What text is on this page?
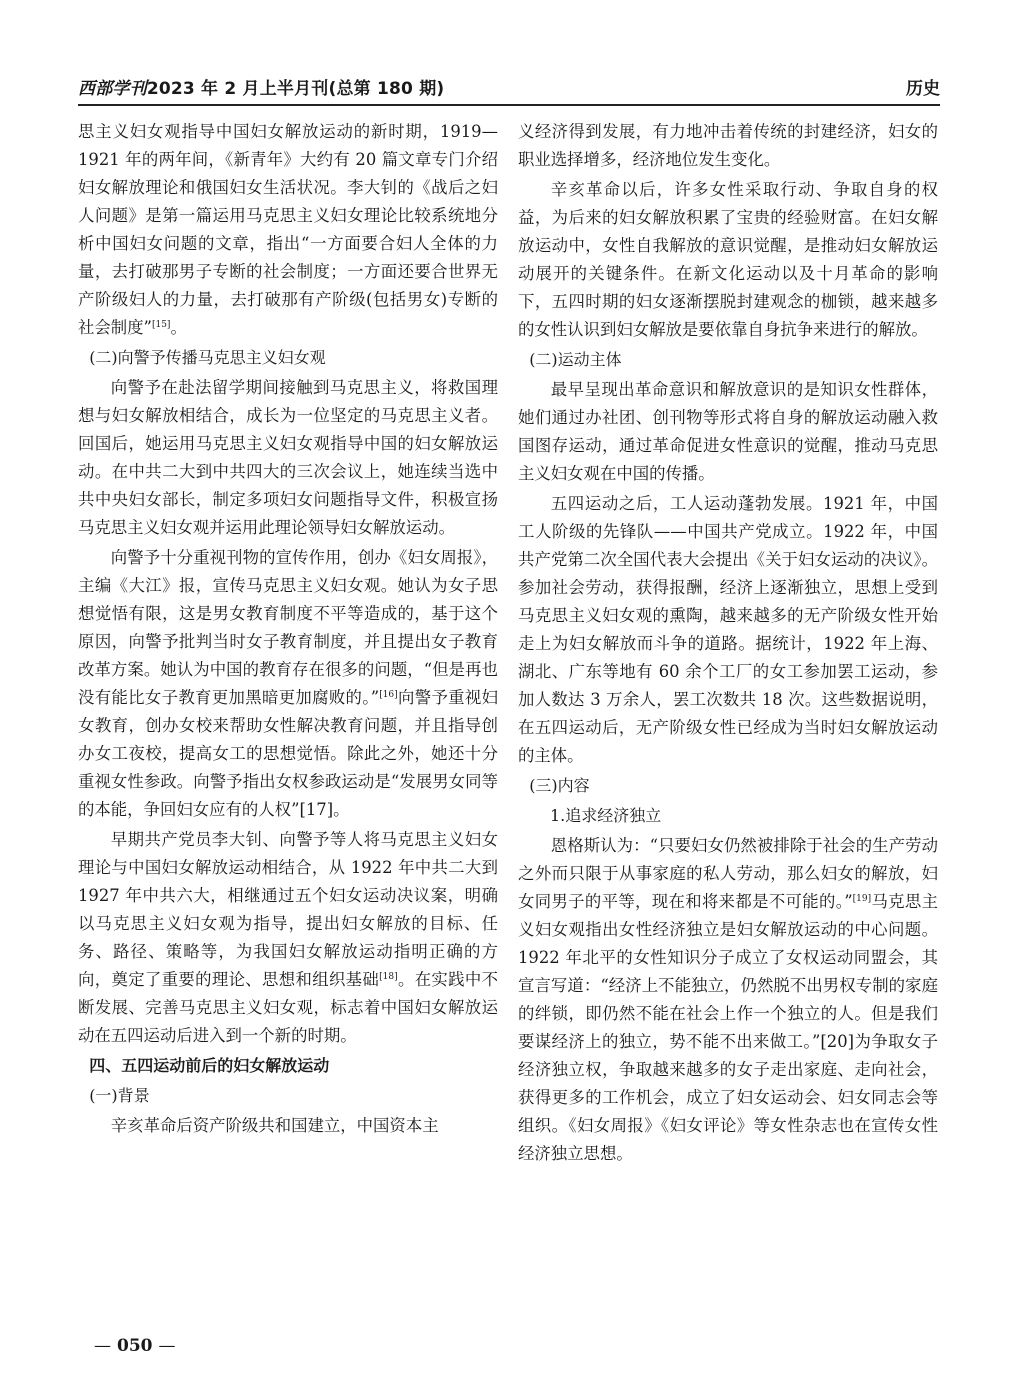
西部学刊2023 年 2 月上半月刊(总第 180 期)	历史

思主义妇女观指导中国妇女解放运动的新时期，1919—1921 年的两年间，《新青年》大约有 20 篇文章专门介绍妇女解放理论和俄国妇女生活状况。李大钊的《战后之妇人问题》是第一篇运用马克思主义妇女理论比较系统地分析中国妇女问题的文章，指出“一方面要合妇人全体的力量，去打破那男子专断的社会制度；一方面还要合世界无产阶级妇人的力量，去打破那有产阶级(包括男女)专断的社会制度”[15]。

(二)向警予传播马克思主义妇女观

向警予在赴法留学期间接触到马克思主义，将救国理想与妇女解放相结合，成长为一位坚定的马克思主义者。回国后，她运用马克思主义妇女观指导中国的妇女解放运动。在中共二大到中共四大的三次会议上，她连续当选中共中央妇女部长，制定多项妇女问题指导文件，积极宣扬马克思主义妇女观并运用此理论领导妇女解放运动。

向警予十分重视刊物的宣传作用，创办《妇女周报》，主编《大江》报，宣传马克思主义妇女观。她认为女子思想觉悟有限，这是男女教育制度不平等造成的，基于这个原因，向警予批判当时女子教育制度，并且提出女子教育改革方案。她认为中国的教育存在很多的问题，“但是再也没有能比女子教育更加黑暗更加腐败的。”[16]向警予重视妇女教育，创办女校来帮助女性解决教育问题，并且指导创办女工夜校，提高女工的思想觉悟。除此之外，她还十分重视女性参政。向警予指出女权参政运动是“发展男女同等的本能，争回妇女应有的人权”[17]。

早期共产党员李大钊、向警予等人将马克思主义妇女理论与中国妇女解放运动相结合，从 1922 年中共二大到 1927 年中共六大，相继通过五个妇女运动决议案，明确以马克思主义妇女观为指导，提出妇女解放的目标、任务、路径、策略等，为我国妇女解放运动指明正确的方向，奠定了重要的理论、思想和组织基础[18]。在实践中不断发展、完善马克思主义妇女观，标志着中国妇女解放运动在五四运动后进入到一个新的时期。

四、五四运动前后的妇女解放运动
(一)背景

辛亥革命后资产阶级共和国建立，中国资本主

义经济得到发展，有力地冲击着传统的封建经济，妇女的职业选择增多，经济地位发生变化。

辛亥革命以后，许多女性采取行动、争取自身的权益，为后来的妇女解放积累了宝贵的经验财富。在妇女解放运动中，女性自我解放的意识觉醒，是推动妇女解放运动展开的关键条件。在新文化运动以及十月革命的影响下，五四时期的妇女逐渐摆脱封建观念的枷锁，越来越多的女性认识到妇女解放是要依靠自身抗争来进行的解放。

(二)运动主体

最早呈现出革命意识和解放意识的是知识女性群体，她们通过办社团、创刊物等形式将自身的解放运动融入救国图存运动，通过革命促进女性意识的觉醒，推动马克思主义妇女观在中国的传播。

五四运动之后，工人运动蓬勃发展。1921 年，中国工人阶级的先锋队——中国共产党成立。1922 年，中国共产党第二次全国代表大会提出《关于妇女运动的决议》。参加社会劳动，获得报酬，经济上逐渐独立，思想上受到马克思主义妇女观的熏陶，越来越多的无产阶级女性开始走上为妇女解放而斗争的道路。据统计，1922 年上海、湖北、广东等地有 60 余个工厂的女工参加罢工运动，参加人数达 3 万余人，罢工次数共 18 次。这些数据说明，在五四运动后，无产阶级女性已经成为当时妇女解放运动的主体。

(三)内容
1.追求经济独立

恩格斯认为：“只要妇女仍然被排除于社会的生产劳动之外而只限于从事家庭的私人劳动，那么妇女的解放，妇女同男子的平等，现在和将来都是不可能的。”[19]马克思主义妇女观指出女性经济独立是妇女解放运动的中心问题。1922 年北平的女性知识分子成立了女权运动同盟会，其宣言写道：“经济上不能独立，仍然脱不出男权专制的家庭的绊锁，即仍然不能在社会上作一个独立的人。但是我们要谋经济上的独立，势不能不出来做工。”[20]为争取女子经济独立权，争取越来越多的女子走出家庭、走向社会，获得更多的工作机会，成立了妇女运动会、妇女同志会等组织。《妇女周报》《妇女评论》等女性杂志也在宣传女性经济独立思想。

— 050 —
